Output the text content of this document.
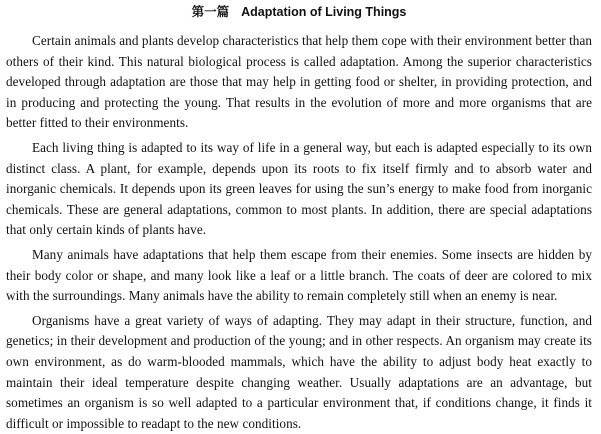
第一篇 Adaptation of Living Things

Certain animals and plants develop characteristics that help them cope with their environment better than others of their kind. This natural biological process is called adaptation. Among the superior characteristics developed through adaptation are those that may help in getting food or shelter, in providing protection, and in producing and protecting the young. That results in the evolution of more and more organisms that are better fitted to their environments.

Each living thing is adapted to its way of life in a general way, but each is adapted especially to its own distinct class. A plant, for example, depends upon its roots to fix itself firmly and to absorb water and inorganic chemicals. It depends upon its green leaves for using the sun’s energy to make food from inorganic chemicals. These are general adaptations, common to most plants. In addition, there are special adaptations that only certain kinds of plants have.

Many animals have adaptations that help them escape from their enemies. Some insects are hidden by their body color or shape, and many look like a leaf or a little branch. The coats of deer are colored to mix with the surroundings. Many animals have the ability to remain completely still when an enemy is near.

Organisms have a great variety of ways of adapting. They may adapt in their structure, function, and genetics; in their development and production of the young; and in other respects. An organism may create its own environment, as do warm-blooded mammals, which have the ability to adjust body heat exactly to maintain their ideal temperature despite changing weather. Usually adaptations are an advantage, but sometimes an organism is so well adapted to a particular environment that, if conditions change, it finds it difficult or impossible to readapt to the new conditions.
